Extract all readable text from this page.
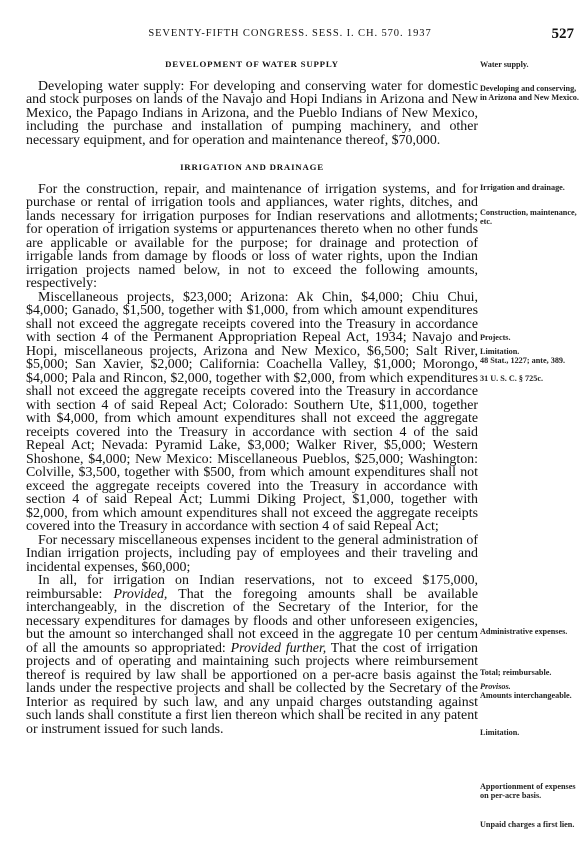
SEVENTY-FIFTH CONGRESS. SESS. I. CH. 570. 1937	527
DEVELOPMENT OF WATER SUPPLY

Developing water supply: For developing and conserving water for domestic and stock purposes on lands of the Navajo and Hopi Indians in Arizona and New Mexico, the Papago Indians in Arizona, and the Pueblo Indians of New Mexico, including the purchase and installation of pumping machinery, and other necessary equipment, and for operation and maintenance thereof, $70,000.

IRRIGATION AND DRAINAGE

For the construction, repair, and maintenance of irrigation systems, and for purchase or rental of irrigation tools and appliances, water rights, ditches, and lands necessary for irrigation purposes for Indian reservations and allotments; for operation of irrigation systems or appurtenances thereto when no other funds are applicable or available for the purpose; for drainage and protection of irrigable lands from damage by floods or loss of water rights, upon the Indian irrigation projects named below, in not to exceed the following amounts, respectively:

Miscellaneous projects, $23,000; Arizona: Ak Chin, $4,000; Chiu Chui, $4,000; Ganado, $1,500, together with $1,000, from which amount expenditures shall not exceed the aggregate receipts covered into the Treasury in accordance with section 4 of the Permanent Appropriation Repeal Act, 1934; Navajo and Hopi, miscellaneous projects, Arizona and New Mexico, $6,500; Salt River, $5,000; San Xavier, $2,000; California: Coachella Valley, $1,000; Morongo, $4,000; Pala and Rincon, $2,000, together with $2,000, from which expenditures shall not exceed the aggregate receipts covered into the Treasury in accordance with section 4 of said Repeal Act; Colorado: Southern Ute, $11,000, together with $4,000, from which amount expenditures shall not exceed the aggregate receipts covered into the Treasury in accordance with section 4 of the said Repeal Act; Nevada: Pyramid Lake, $3,000; Walker River, $5,000; Western Shoshone, $4,000; New Mexico: Miscellaneous Pueblos, $25,000; Washington: Colville, $3,500, together with $500, from which amount expenditures shall not exceed the aggregate receipts covered into the Treasury in accordance with section 4 of said Repeal Act; Lummi Diking Project, $1,000, together with $2,000, from which amount expenditures shall not exceed the aggregate receipts covered into the Treasury in accordance with section 4 of said Repeal Act;

For necessary miscellaneous expenses incident to the general administration of Indian irrigation projects, including pay of employees and their traveling and incidental expenses, $60,000;

In all, for irrigation on Indian reservations, not to exceed $175,000, reimbursable: Provided, That the foregoing amounts shall be available interchangeably, in the discretion of the Secretary of the Interior, for the necessary expenditures for damages by floods and other unforeseen exigencies, but the amount so interchanged shall not exceed in the aggregate 10 per centum of all the amounts so appropriated: Provided further, That the cost of irrigation projects and of operating and maintaining such projects where reimbursement thereof is required by law shall be apportioned on a per-acre basis against the lands under the respective projects and shall be collected by the Secretary of the Interior as required by such law, and any unpaid charges outstanding against such lands shall constitute a first lien thereon which shall be recited in any patent or instrument issued for such lands.

Water supply.
Developing and conserving, in Arizona and New Mexico.
Irrigation and drainage.
Construction, maintenance, etc.
Projects.
Limitation.
48 Stat., 1227; ante, 389.
31 U. S. C. § 725c.
Administrative expenses.
Total; reimbursable.
Provisos.
Amounts interchangeable.
Limitation.
Apportionment of expenses on per-acre basis.
Unpaid charges a first lien.
